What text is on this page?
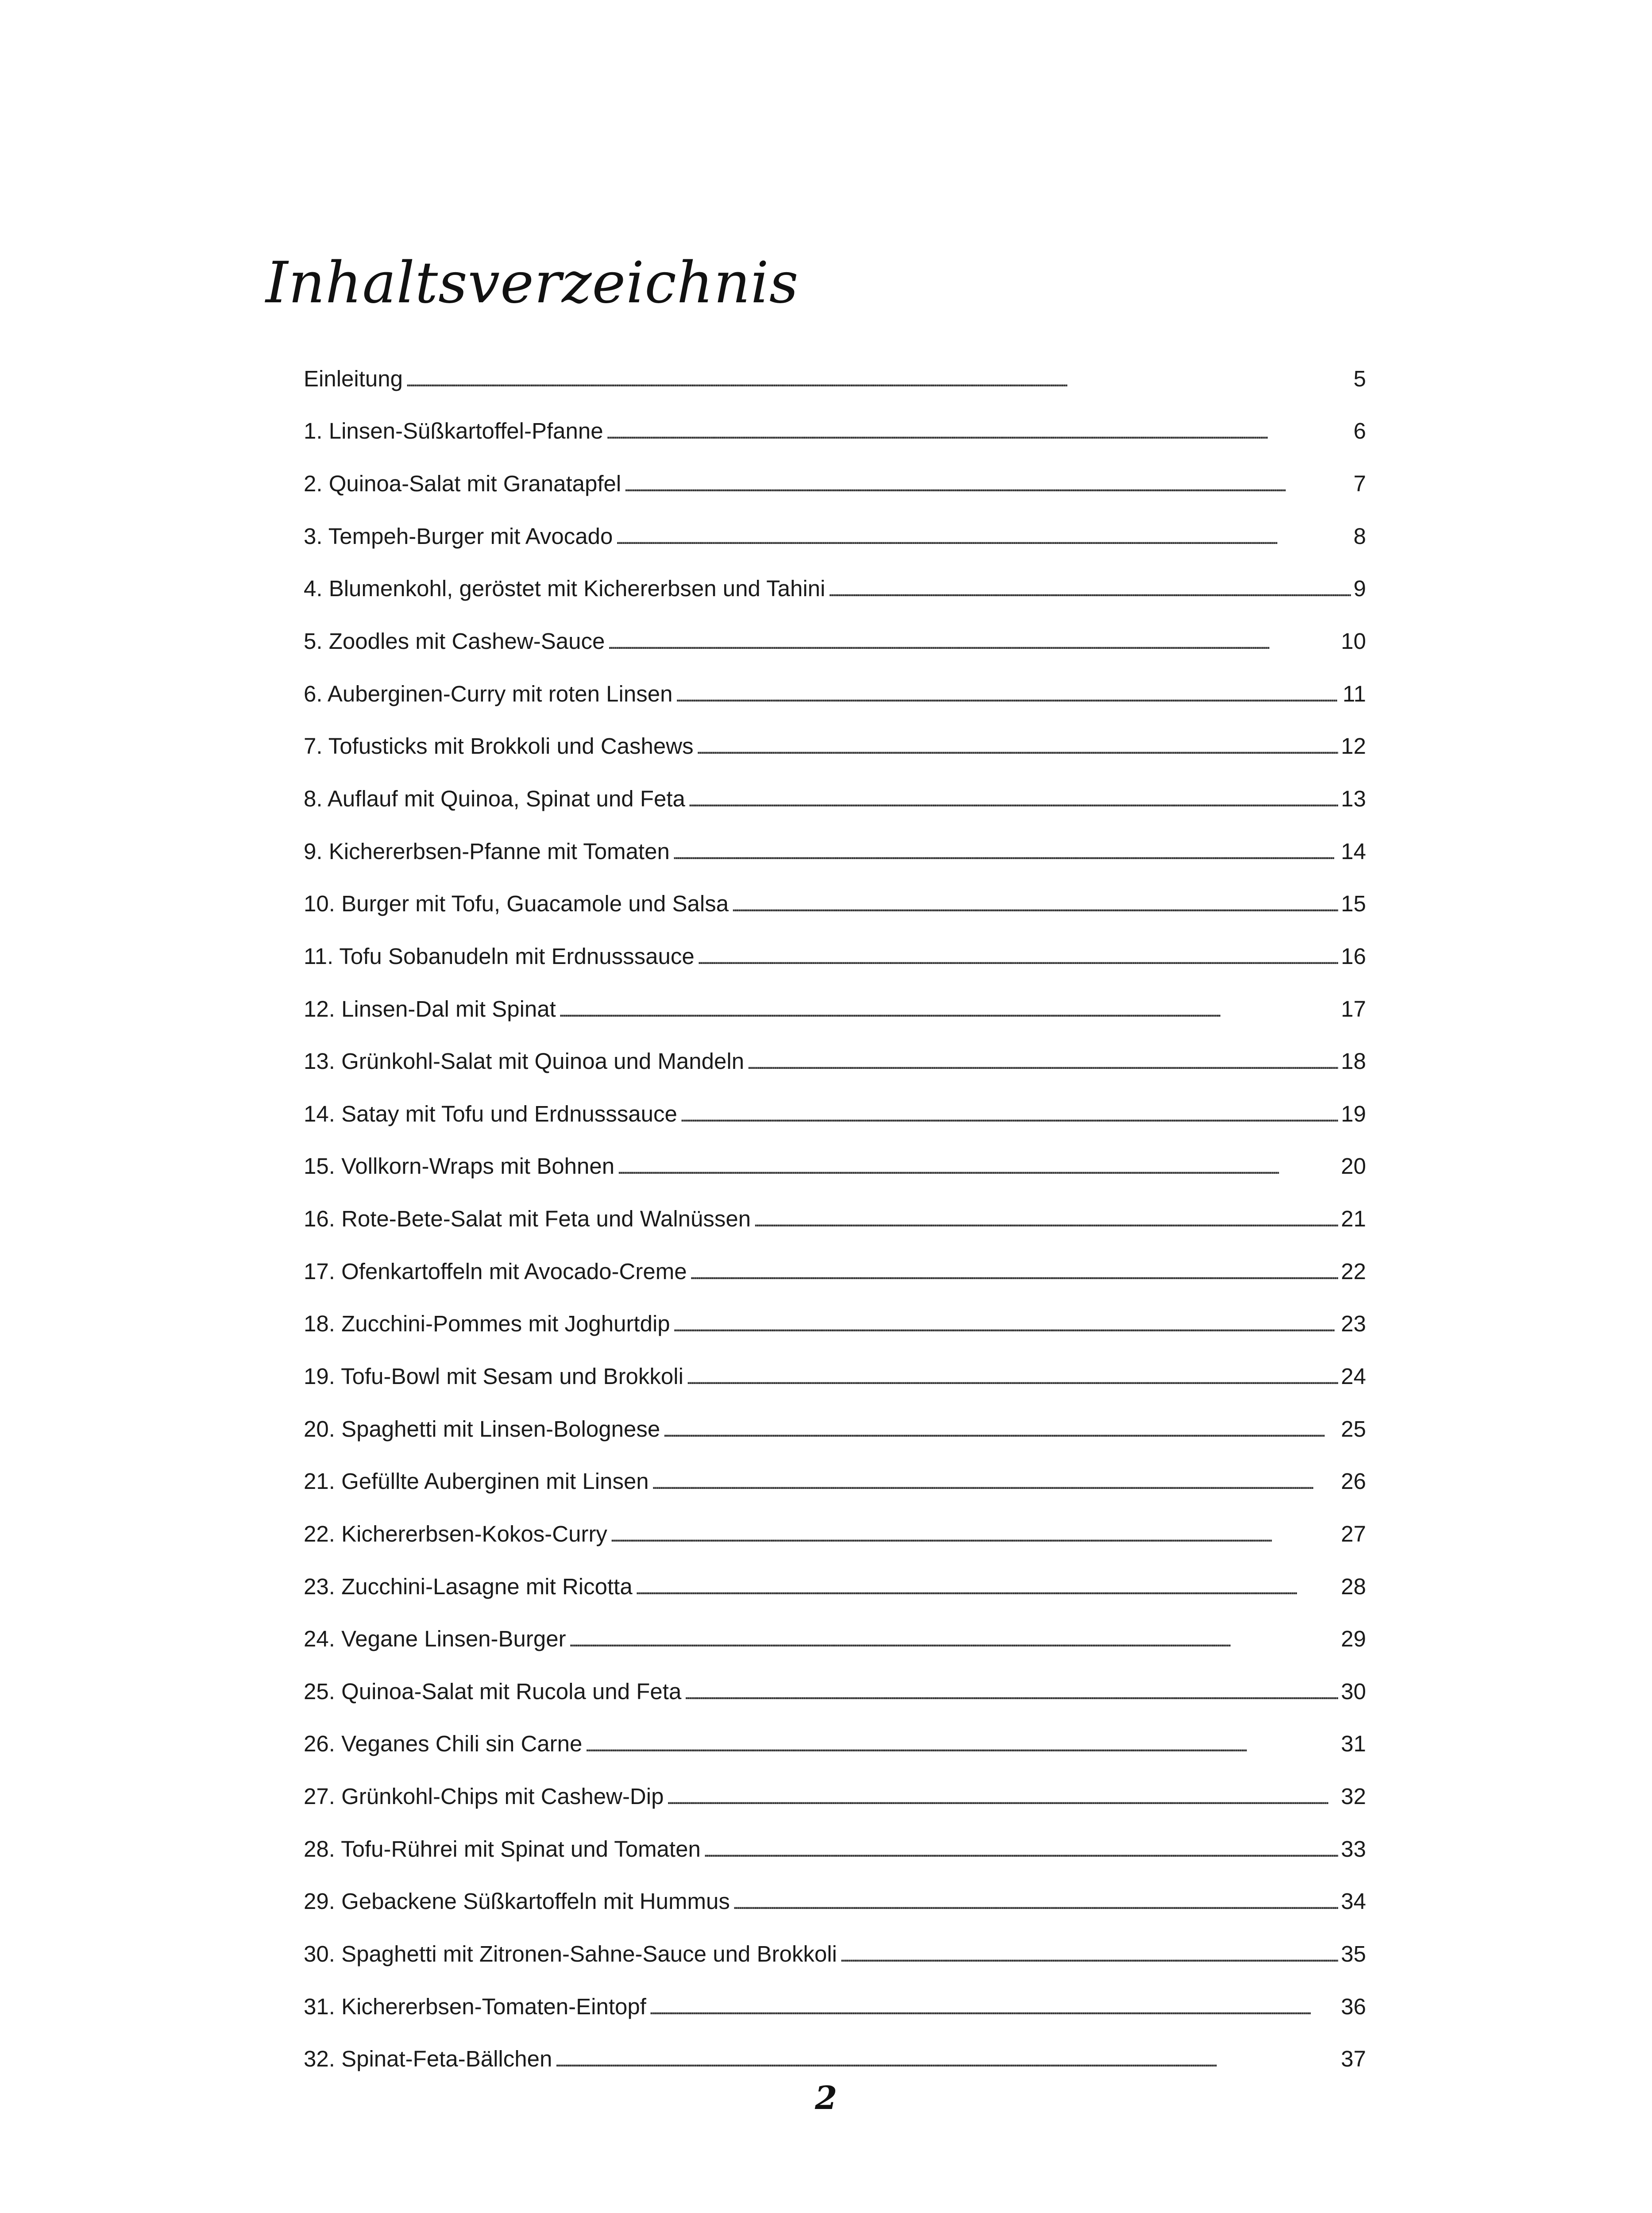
Inhaltsverzeichnis
Einleitung . . .	5
1. Linsen-Süßkartoffel-Pfanne . . .	6
2. Quinoa-Salat mit Granatapfel . . .	7
3. Tempeh-Burger mit Avocado . . .	8
4. Blumenkohl, geröstet mit Kichererbsen und Tahini . . .	9
5. Zoodles mit Cashew-Sauce . . .	10
6. Auberginen-Curry mit roten Linsen . . .	11
7. Tofusticks mit Brokkoli und Cashews . . .	12
8. Auflauf mit Quinoa, Spinat und Feta . . .	13
9. Kichererbsen-Pfanne mit Tomaten . . .	14
10. Burger mit Tofu, Guacamole und Salsa . . .	15
11. Tofu Sobanudeln mit Erdnusssauce . . .	16
12. Linsen-Dal mit Spinat . . .	17
13. Grünkohl-Salat mit Quinoa und Mandeln . . .	18
14. Satay mit Tofu und Erdnusssauce . . .	19
15. Vollkorn-Wraps mit Bohnen . . .	20
16. Rote-Bete-Salat mit Feta und Walnüssen . . .	21
17. Ofenkartoffeln mit Avocado-Creme . . .	22
18. Zucchini-Pommes mit Joghurtdip . . .	23
19. Tofu-Bowl mit Sesam und Brokkoli . . .	24
20. Spaghetti mit Linsen-Bolognese . . .	25
21. Gefüllte Auberginen mit Linsen . . .	26
22. Kichererbsen-Kokos-Curry . . .	27
23. Zucchini-Lasagne mit Ricotta . . .	28
24. Vegane Linsen-Burger . . .	29
25. Quinoa-Salat mit Rucola und Feta . . .	30
26. Veganes Chili sin Carne . . .	31
27. Grünkohl-Chips mit Cashew-Dip . . .	32
28. Tofu-Rührei mit Spinat und Tomaten . . .	33
29. Gebackene Süßkartoffeln mit Hummus . . .	34
30. Spaghetti mit Zitronen-Sahne-Sauce und Brokkoli . . .	35
31. Kichererbsen-Tomaten-Eintopf . . .	36
32. Spinat-Feta-Bällchen . . .	37
2
